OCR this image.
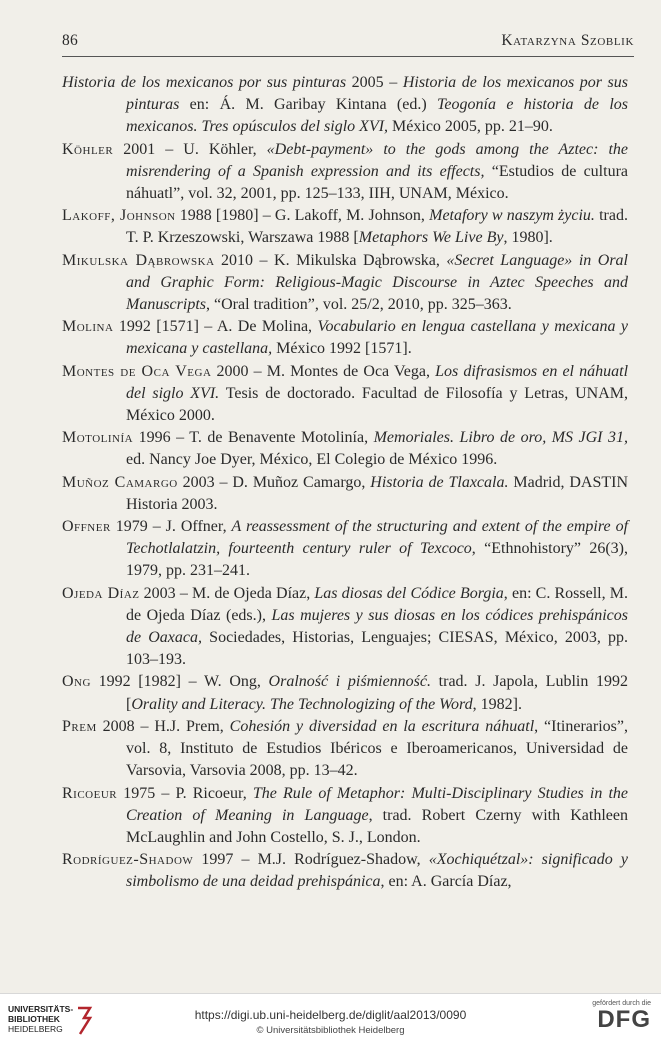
86	Katarzyna Szoblik

Historia de los mexicanos por sus pinturas 2005 – Historia de los mexicanos por sus pinturas en: Á. M. Garibay Kintana (ed.) Teogonía e historia de los mexicanos. Tres opúsculos del siglo XVI, México 2005, pp. 21–90.

Köhler 2001 – U. Köhler, «Debt-payment» to the gods among the Aztec: the misrendering of a Spanish expression and its effects, “Estudios de cultura náhuatl”, vol. 32, 2001, pp. 125–133, IIH, UNAM, México.

Lakoff, Johnson 1988 [1980] – G. Lakoff, M. Johnson, Metafory w naszym życiu. trad. T. P. Krzeszowski, Warszawa 1988 [Metaphors We Live By, 1980].

Mikulska Dąbrowska 2010 – K. Mikulska Dąbrowska, «Secret Language» in Oral and Graphic Form: Religious-Magic Discourse in Aztec Speeches and Manuscripts, “Oral tradition”, vol. 25/2, 2010, pp. 325–363.

Molina 1992 [1571] – A. De Molina, Vocabulario en lengua castellana y mexicana y mexicana y castellana, México 1992 [1571].

Montes de Oca Vega 2000 – M. Montes de Oca Vega, Los difrasismos en el náhuatl del siglo XVI. Tesis de doctorado. Facultad de Filosofía y Letras, UNAM, México 2000.

Motolinía 1996 – T. de Benavente Motolinía, Memoriales. Libro de oro, MS JGI 31, ed. Nancy Joe Dyer, México, El Colegio de México 1996.

Muñoz Camargo 2003 – D. Muñoz Camargo, Historia de Tlaxcala. Madrid, DASTIN Historia 2003.

Offner 1979 – J. Offner, A reassessment of the structuring and extent of the empire of Techotlalatzin, fourteenth century ruler of Texcoco, “Ethnohistory” 26(3), 1979, pp. 231–241.

Ojeda Díaz 2003 – M. de Ojeda Díaz, Las diosas del Códice Borgia, en: C. Rossell, M. de Ojeda Díaz (eds.), Las mujeres y sus diosas en los códices prehispánicos de Oaxaca, Sociedades, Historias, Lenguajes; CIESAS, México, 2003, pp. 103–193.

Ong 1992 [1982] – W. Ong, Oralność i piśmienność. trad. J. Japola, Lublin 1992 [Orality and Literacy. The Technologizing of the Word, 1982].

Prem 2008 – H.J. Prem, Cohesión y diversidad en la escritura náhuatl, “Itinerarios”, vol. 8, Instituto de Estudios Ibéricos e Iberoamericanos, Universidad de Varsovia, Varsovia 2008, pp. 13–42.

Ricoeur 1975 – P. Ricoeur, The Rule of Metaphor: Multi-Disciplinary Studies in the Creation of Meaning in Language, trad. Robert Czerny with Kathleen McLaughlin and John Costello, S. J., London.

Rodríguez-Shadow 1997 – M.J. Rodríguez-Shadow, «Xochiquétzal»: significado y simbolismo de una deidad prehispánica, en: A. García Díaz,

UNIVERSITÄTS-
BIBLIOTHEK
HEIDELBERG
https://digi.ub.uni-heidelberg.de/diglit/aal2013/0090
© Universitätsbibliothek Heidelberg
gefördert durch die
DFG
